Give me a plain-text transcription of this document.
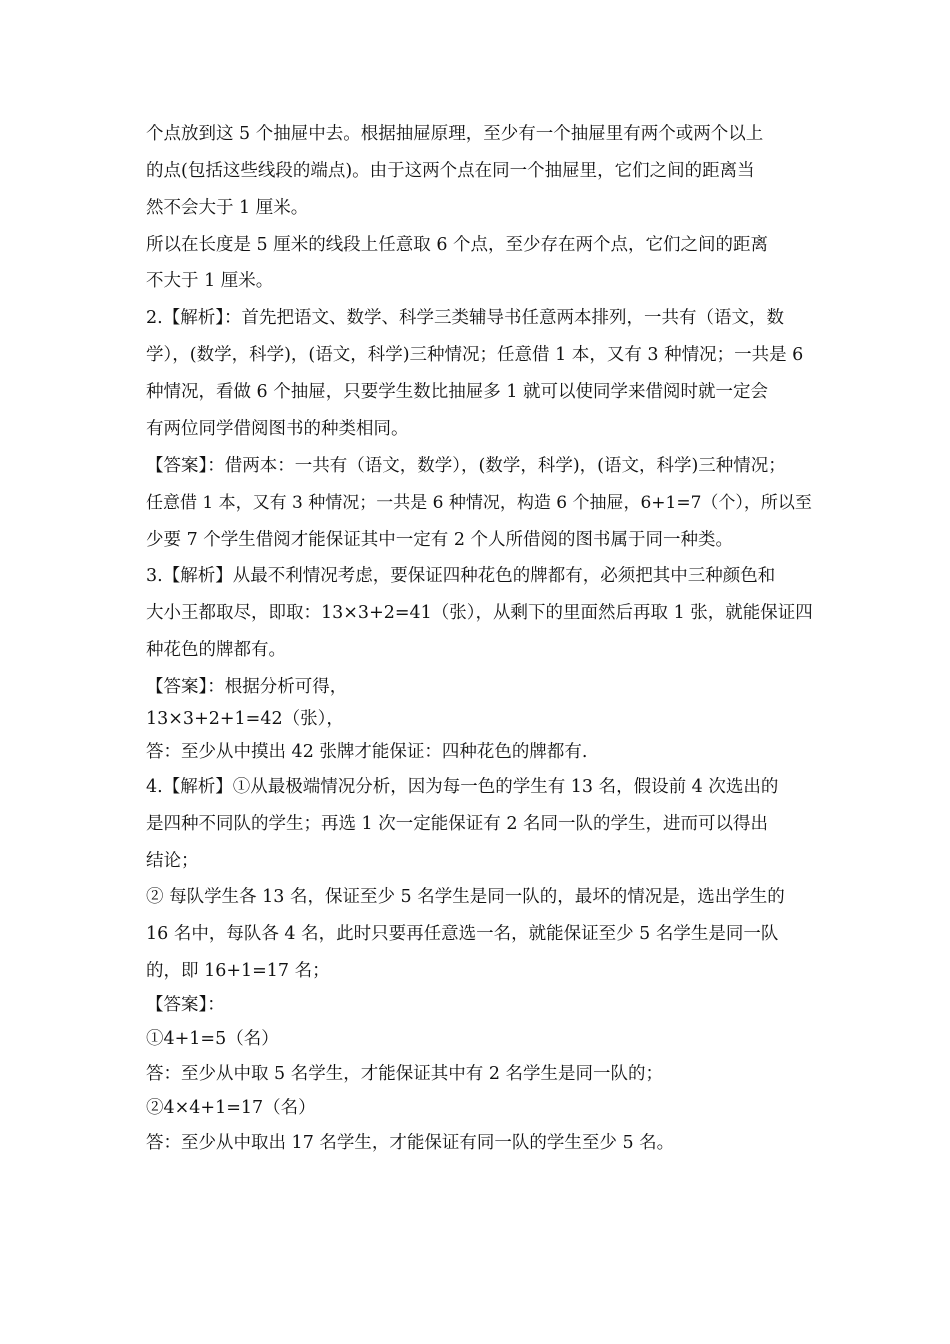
个点放到这 5 个抽屉中去。根据抽屉原理，至少有一个抽屉里有两个或两个以上
的点(包括这些线段的端点)。由于这两个点在同一个抽屉里，它们之间的距离当
然不会大于 1 厘米。
所以在长度是 5 厘米的线段上任意取 6 个点，至少存在两个点，它们之间的距离
不大于 1 厘米。
2.【解析】：首先把语文、数学、科学三类辅导书任意两本排列，一共有（语文，数
学），(数学，科学)，(语文，科学)三种情况；任意借 1 本，又有 3 种情况；一共是 6
种情况，看做 6 个抽屉，只要学生数比抽屉多 1 就可以使同学来借阅时就一定会
有两位同学借阅图书的种类相同。
【答案】：借两本：一共有（语文，数学），(数学，科学)，(语文，科学)三种情况；
任意借 1 本，又有 3 种情况；一共是 6 种情况，构造 6 个抽屉，6+1=7（个），所以至
少要 7 个学生借阅才能保证其中一定有 2 个人所借阅的图书属于同一种类。
3.【解析】从最不利情况考虑，要保证四种花色的牌都有，必须把其中三种颜色和
大小王都取尽，即取：13×3+2=41（张），从剩下的里面然后再取 1 张，就能保证四
种花色的牌都有。
【答案】：根据分析可得，
13×3+2+1=42（张），
答：至少从中摸出 42 张牌才能保证：四种花色的牌都有.
4.【解析】①从最极端情况分析，因为每一色的学生有 13 名，假设前 4 次选出的
是四种不同队的学生；再选 1 次一定能保证有 2 名同一队的学生，进而可以得出
结论；
② 每队学生各 13 名，保证至少 5 名学生是同一队的，最坏的情况是，选出学生的
16 名中，每队各 4 名，此时只要再任意选一名，就能保证至少 5 名学生是同一队
的，即 16+1=17 名；
【答案】：
①4+1=5（名）
答：至少从中取 5 名学生，才能保证其中有 2 名学生是同一队的；
②4×4+1=17（名）
答：至少从中取出 17 名学生，才能保证有同一队的学生至少 5 名。
